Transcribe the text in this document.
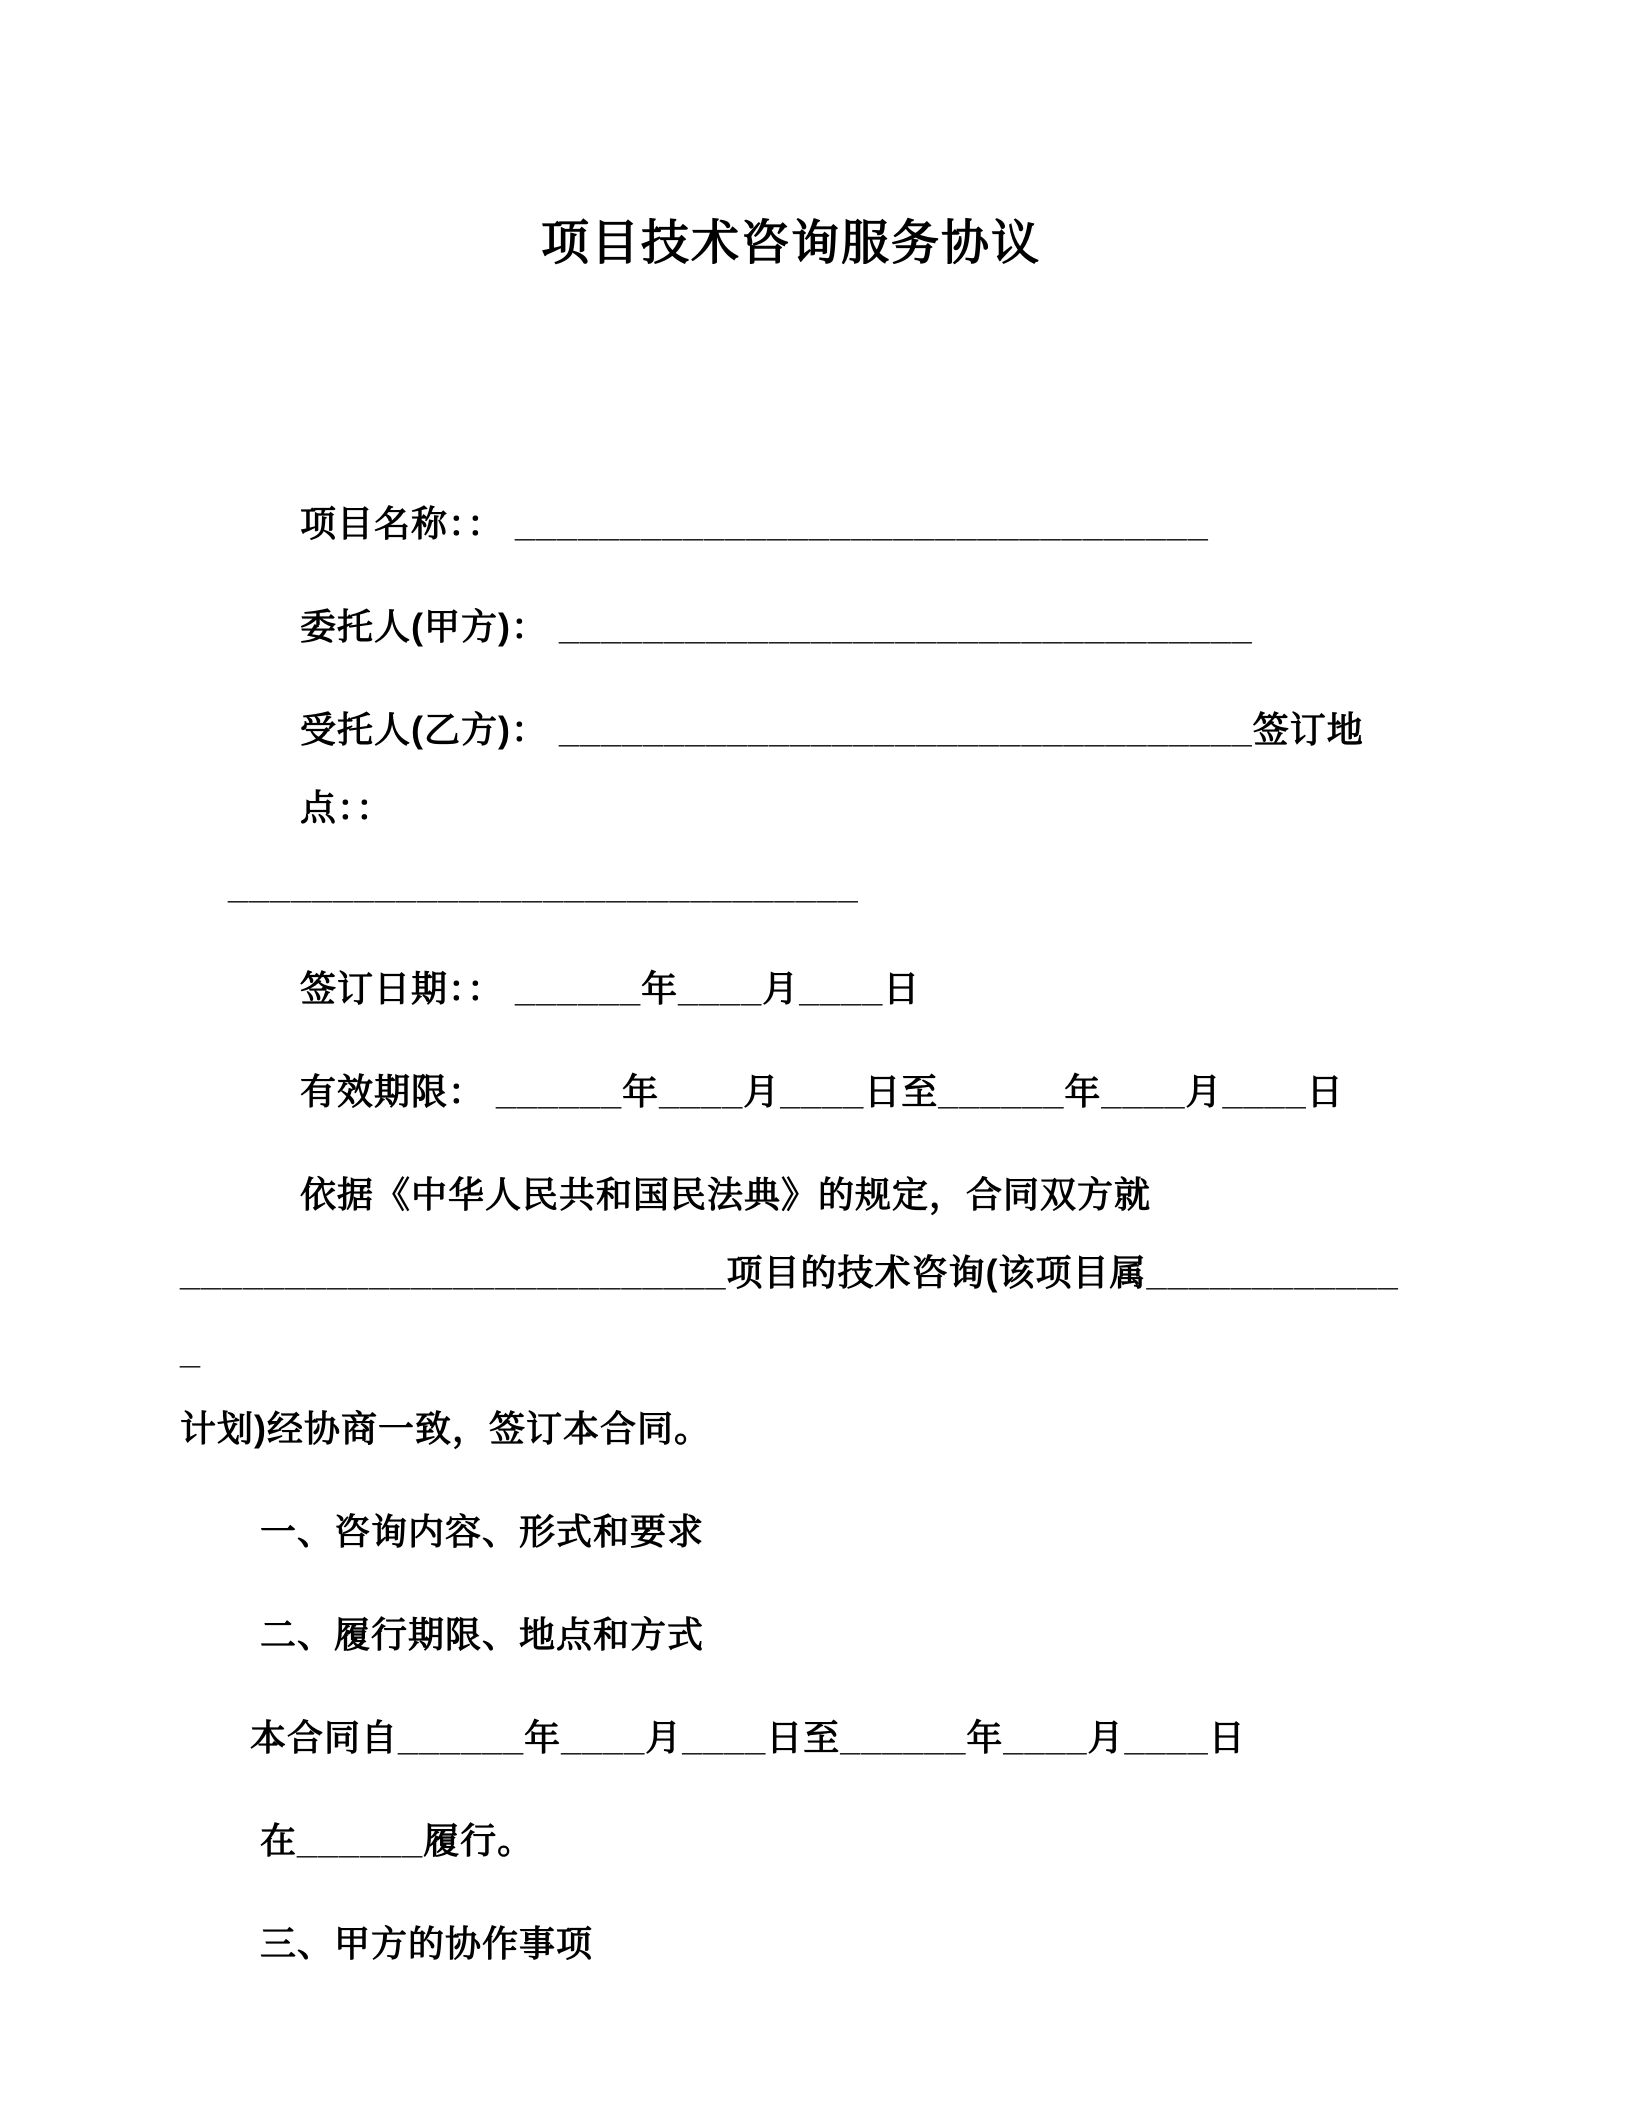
项目技术咨询服务协议
项目名称：： _________________________________
委托人(甲方)： _________________________________
受托人(乙方)： _________________________________签订地点：：
______________________________
签订日期：： ______年____月____日
有效期限： ______年____月____日至______年____月____日
依据《中华人民共和国民法典》的规定，合同双方就
__________________________项目的技术咨询(该项目属_____________
计划)经协商一致，签订本合同。
一、咨询内容、形式和要求
二、履行期限、地点和方式
本合同自______年____月____日至______年____月____日
在______履行。
三、甲方的协作事项
